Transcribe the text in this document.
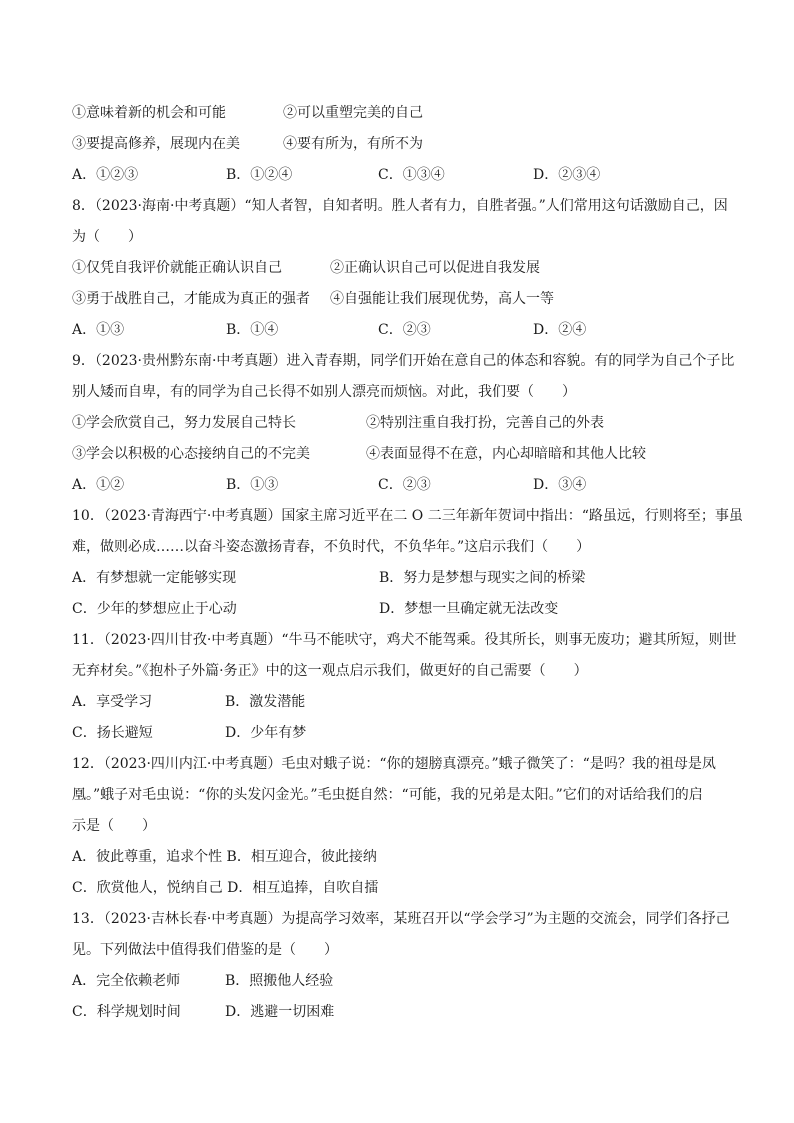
①意味着新的机会和可能	②可以重塑完美的自己
③要提高修养，展现内在美	④要有所为，有所不为
A．①②③	B．①②④	C．①③④	D．②③④
8．（2023·海南·中考真题）“知人者智，自知者明。胜人者有力，自胜者强。”人们常用这句话激励自己，因
为（　　）
①仅凭自我评价就能正确认识自己	②正确认识自己可以促进自我发展
③勇于战胜自己，才能成为真正的强者 ④自强能让我们展现优势，高人一等
A．①③	B．①④	C．②③	D．②④
9．（2023·贵州黔东南·中考真题）进入青春期，同学们开始在意自己的体态和容貌。有的同学为自己个子比
别人矮而自卑，有的同学为自己长得不如别人漂亮而烦恼。对此，我们要（　　）
①学会欣赏自己，努力发展自己特长	②特别注重自我打扮，完善自己的外表
③学会以积极的心态接纳自己的不完美	④表面显得不在意，内心却暗暗和其他人比较
A．①②	B．①③	C．②③	D．③④
10．（2023·青海西宁·中考真题）国家主席习近平在二 O 二三年新年贺词中指出：“路虽远，行则将至；事虽
难，做则必成……以奋斗姿态激扬青春，不负时代，不负华年。”这启示我们（　　）
A．有梦想就一定能够实现	B．努力是梦想与现实之间的桥梁
C．少年的梦想应止于心动	D．梦想一旦确定就无法改变
11．（2023·四川甘孜·中考真题）“牛马不能吠守，鸡犬不能驾乘。役其所长，则事无废功；避其所短，则世
无弃材矣。”《抱朴子外篇·务正》中的这一观点启示我们，做更好的自己需要（　　）
A．享受学习	B．激发潜能
C．扬长避短	D．少年有梦
12．（2023·四川内江·中考真题）毛虫对蛾子说：“你的翅膀真漂亮。”蛾子微笑了：“是吗？我的祖母是凤
凰。”蛾子对毛虫说：“你的头发闪金光。”毛虫挺自然：“可能，我的兄弟是太阳。”它们的对话给我们的启
示是（　　）
A．彼此尊重，追求个性 B．相互迎合，彼此接纳
C．欣赏他人，悦纳自己 D．相互追捧，自吹自擂
13．（2023·吉林长春·中考真题）为提高学习效率，某班召开以“学会学习”为主题的交流会，同学们各抒己
见。下列做法中值得我们借鉴的是（　　）
A．完全依赖老师	B．照搬他人经验
C．科学规划时间	D．逃避一切困难
